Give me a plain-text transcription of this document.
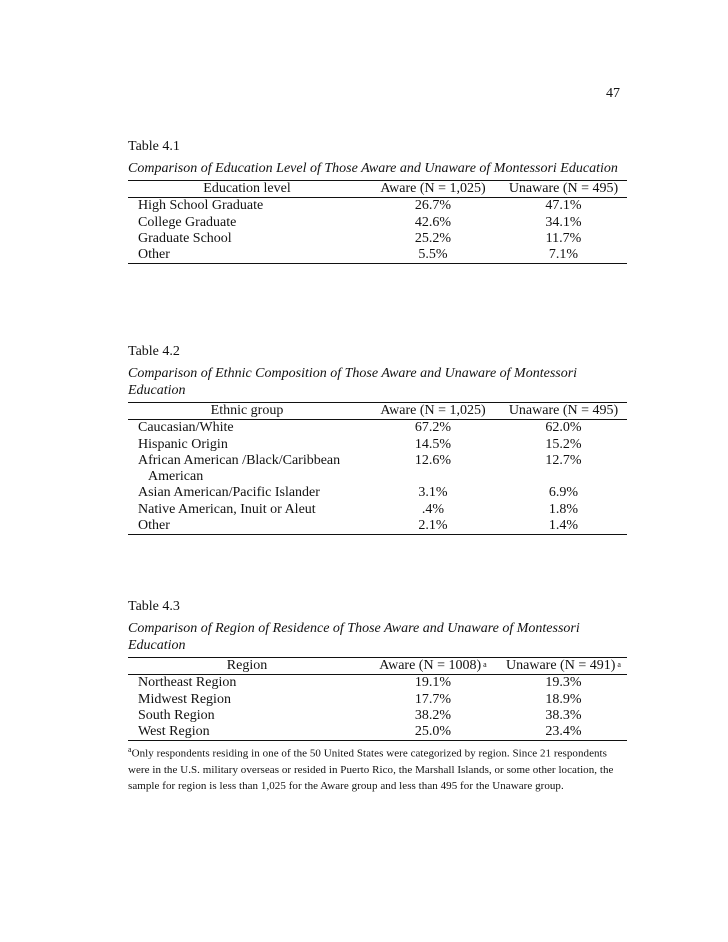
47
Table 4.1
Comparison of Education Level of Those Aware and Unaware of Montessori Education
Education level	Aware (N = 1,025)	Unaware (N = 495)
High School Graduate	26.7%	47.1%
College Graduate	42.6%	34.1%
Graduate School	25.2%	11.7%
Other	5.5%	7.1%
Table 4.2
Comparison of Ethnic Composition of Those Aware and Unaware of Montessori Education
Ethnic group	Aware (N = 1,025)	Unaware (N = 495)
Caucasian/White	67.2%	62.0%
Hispanic Origin	14.5%	15.2%
African American /Black/Caribbean	12.6%	12.7%
American
Asian American/Pacific Islander	3.1%	6.9%
Native American, Inuit or Aleut	.4%	1.8%
Other	2.1%	1.4%
Table 4.3
Comparison of Region of Residence of Those Aware and Unaware of Montessori Education
Region	Aware (N = 1008) $^a$	Unaware (N = 491) $^a$
Northeast Region	19.1%	19.3%
Midwest Region	17.7%	18.9%
South Region	38.2%	38.3%
West Region	25.0%	23.4%
$^a$Only respondents residing in one of the 50 United States were categorized by region. Since 21 respondents were in the U.S. military overseas or resided in Puerto Rico, the Marshall Islands, or some other location, the sample for region is less than 1,025 for the Aware group and less than 495 for the Unaware group.
